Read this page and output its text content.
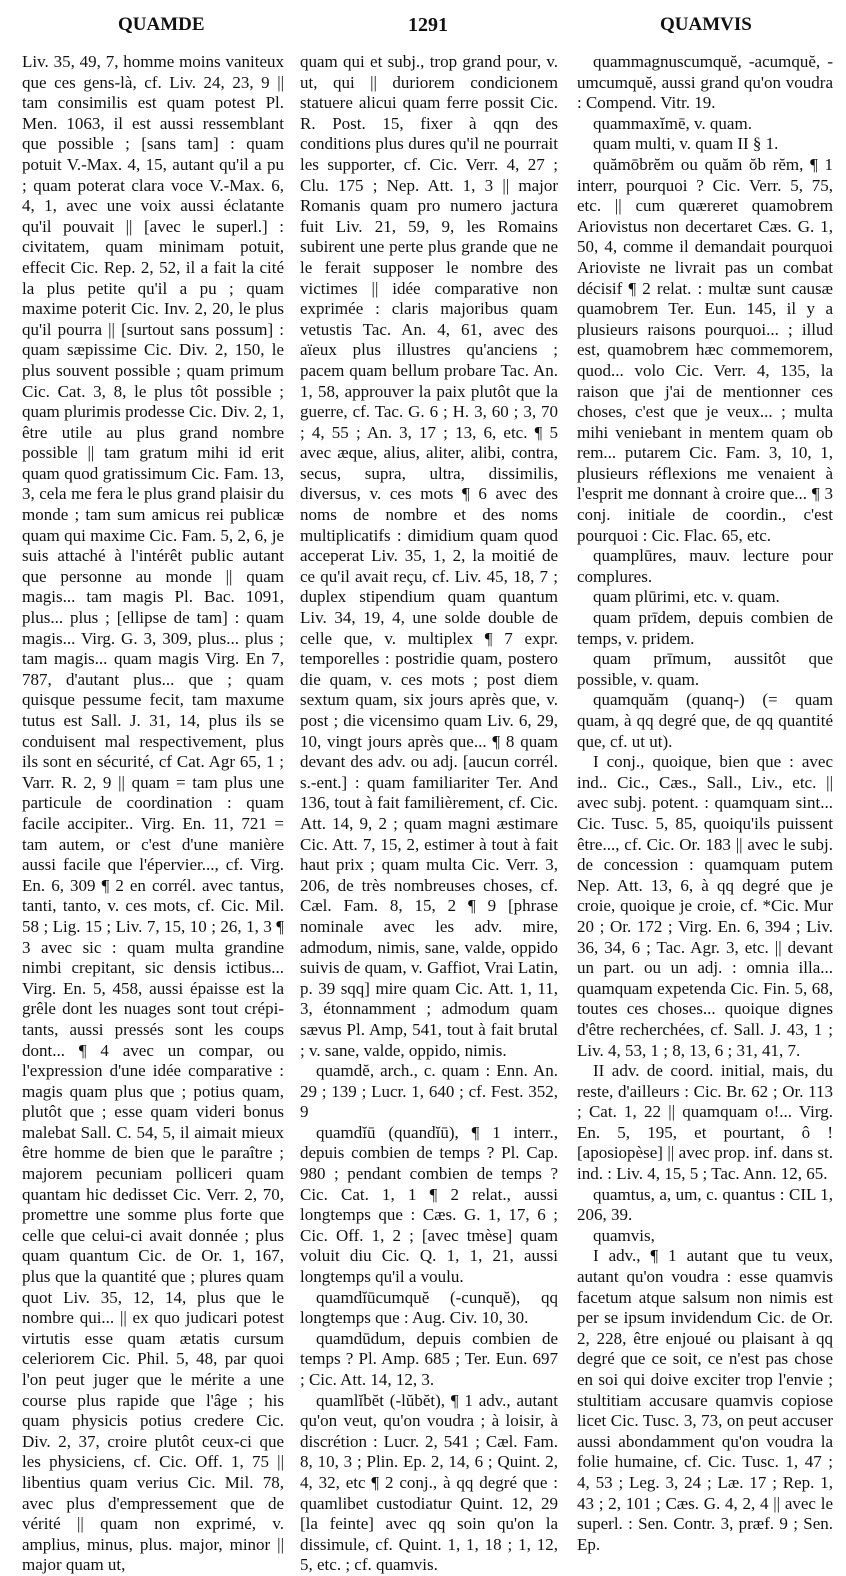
QUAMDE	1291	QUAMVIS

Liv. 35, 49, 7, homme moins vaniteux que ces gens-là, cf. Liv. 24, 23, 9 || tam consimilis est quam potest Pl. Men. 1063, il est aussi ressemblant que possible ; [sans tam] : quam potuit V.-Max. 4, 15, autant qu'il a pu ; quam poterat clara voce V.-Max. 6, 4, 1, avec une voix aussi éclatante qu'il pouvait || [avec le superl.] : civitatem, quam minimam potuit, effecit Cic. Rep. 2, 52, il a fait la cité la plus petite qu'il a pu ; quam maxime poterit Cic. Inv. 2, 20, le plus qu'il pourra || [surtout sans possum] : quam sæpissime Cic. Div. 2, 150, le plus souvent possible ; quam primum Cic. Cat. 3, 8, le plus tôt possible ; quam plurimis prodesse Cic. Div. 2, 1, être utile au plus grand nombre possible || tam gratum mihi id erit quam quod gratissimum Cic. Fam. 13, 3, cela me fera le plus grand plaisir du monde ; tam sum amicus rei publicæ quam qui maxime Cic. Fam. 5, 2, 6, je suis attaché à l'intérêt public autant que personne au monde || quam magis... tam magis Pl. Bac. 1091, plus... plus ; [ellipse de tam] : quam magis... Virg. G. 3, 309, plus... plus ; tam magis... quam magis Virg. En 7, 787, d'autant plus... que ; quam quisque pessume fecit, tam maxume tutus est Sall. J. 31, 14, plus ils se conduisent mal respectivement, plus ils sont en sécurité, cf Cat. Agr 65, 1 ; Varr. R. 2, 9 || quam = tam plus une particule de coordination : quam facile accipiter.. Virg. En. 11, 721 = tam autem, or c'est d'une manière aussi facile que l'épervier..., cf. Virg. En. 6, 309 ¶ 2 en corrél. avec tantus, tanti, tanto, v. ces mots, cf. Cic. Mil. 58 ; Lig. 15 ; Liv. 7, 15, 10 ; 26, 1, 3 ¶ 3 avec sic : quam multa grandine nimbi crepitant, sic densis ictibus... Virg. En. 5, 458, aussi épaisse est la grêle dont les nuages sont tout crépitants, aussi pressés sont les coups dont... ¶ 4 avec un compar, ou l'expression d'une idée comparative : magis quam plus que ; potius quam, plutôt que ; esse quam videri bonus malebat Sall. C. 54, 5, il aimait mieux être homme de bien que le paraître ; majorem pecuniam polliceri quam quantam hic dedisset Cic. Verr. 2, 70, promettre une somme plus forte que celle que celui-ci avait donnée ; plus quam quantum Cic. de Or. 1, 167, plus que la quantité que ; plures quam quot Liv. 35, 12, 14, plus que le nombre qui... || ex quo judicari potest virtutis esse quam ætatis cursum celeriorem Cic. Phil. 5, 48, par quoi l'on peut juger que le mérite a une course plus rapide que l'âge ; his quam physicis potius credere Cic. Div. 2, 37, croire plutôt ceux-ci que les physiciens, cf. Cic. Off. 1, 75 || libentius quam verius Cic. Mil. 78, avec plus d'empressement que de vérité || quam non exprimé, v. amplius, minus, plus. major, minor || major quam ut,

quam qui et subj., trop grand pour, v. ut, qui || duriorem condicionem statuere alicui quam ferre possit Cic. R. Post. 15, fixer à qqn des conditions plus dures qu'il ne pourrait les supporter, cf. Cic. Verr. 4, 27 ; Clu. 175 ; Nep. Att. 1, 3 || major Romanis quam pro numero jactura fuit Liv. 21, 59, 9, les Romains subirent une perte plus grande que ne le ferait supposer le nombre des victimes || idée comparative non exprimée : claris majoribus quam vetustis Tac. An. 4, 61, avec des aïeux plus illustres qu'anciens ; pacem quam bellum probare Tac. An. 1, 58, approuver la paix plutôt que la guerre, cf. Tac. G. 6 ; H. 3, 60 ; 3, 70 ; 4, 55 ; An. 3, 17 ; 13, 6, etc. ¶ 5 avec æque, alius, aliter, alibi, contra, secus, supra, ultra, dissimilis, diversus, v. ces mots ¶ 6 avec des noms de nombre et des noms multiplicatifs : dimidium quam quod acceperat Liv. 35, 1, 2, la moitié de ce qu'il avait reçu, cf. Liv. 45, 18, 7 ; duplex stipendium quam quantum Liv. 34, 19, 4, une solde double de celle que, v. multiplex ¶ 7 expr. temporelles : postridie quam, postero die quam, v. ces mots ; post diem sextum quam, six jours après que, v. post ; die vicensimo quam Liv. 6, 29, 10, vingt jours après que... ¶ 8 quam devant des adv. ou adj. [aucun corrél. s.-ent.] : quam familiariter Ter. And 136, tout à fait familièrement, cf. Cic. Att. 14, 9, 2 ; quam magni æstimare Cic. Att. 7, 15, 2, estimer à tout à fait haut prix ; quam multa Cic. Verr. 3, 206, de très nombreuses choses, cf. Cæl. Fam. 8, 15, 2 ¶ 9 [phrase nominale avec les adv. mire, admodum, nimis, sane, valde, oppido suivis de quam, v. Gaffiot, Vrai Latin, p. 39 sqq] mire quam Cic. Att. 1, 11, 3, étonnamment ; admodum quam sævus Pl. Amp, 541, tout à fait brutal ; v. sane, valde, oppido, nimis.

quamdĕ, arch., c. quam : Enn. An. 29 ; 139 ; Lucr. 1, 640 ; cf. Fest. 352, 9

quamdĭū (quandĭū), ¶ 1 interr., depuis combien de temps ? Pl. Cap. 980 ; pendant combien de temps ? Cic. Cat. 1, 1 ¶ 2 relat., aussi longtemps que : Cæs. G. 1, 17, 6 ; Cic. Off. 1, 2 ; [avec tmèse] quam voluit diu Cic. Q. 1, 1, 21, aussi longtemps qu'il a voulu.

quamdĭūcumquĕ (-cunquĕ), qq longtemps que : Aug. Civ. 10, 30.

quamdūdum, depuis combien de temps ? Pl. Amp. 685 ; Ter. Eun. 697 ; Cic. Att. 14, 12, 3.

quamlĭbĕt (-lŭbĕt), ¶ 1 adv., autant qu'on veut, qu'on voudra ; à loisir, à discrétion : Lucr. 2, 541 ; Cæl. Fam. 8, 10, 3 ; Plin. Ep. 2, 14, 6 ; Quint. 2, 4, 32, etc ¶ 2 conj., à qq degré que : quamlibet custodiatur Quint. 12, 29 [la feinte] avec qq soin qu'on la dissimule, cf. Quint. 1, 1, 18 ; 1, 12, 5, etc. ; cf. quamvis.

quammagnuscumquĕ, -acumquĕ, -umcumquĕ, aussi grand qu'on voudra : Compend. Vitr. 19.

quammaxĭmē, v. quam.

quam multi, v. quam II § 1.

quămōbrĕm ou quăm ŏb rĕm, ¶ 1 interr, pourquoi ? Cic. Verr. 5, 75, etc. || cum quæreret quamobrem Ariovistus non decertaret Cæs. G. 1, 50, 4, comme il demandait pourquoi Arioviste ne livrait pas un combat décisif ¶ 2 relat. : multæ sunt causæ quamobrem Ter. Eun. 145, il y a plusieurs raisons pourquoi... ; illud est, quamobrem hæc commemorem, quod... volo Cic. Verr. 4, 135, la raison que j'ai de mentionner ces choses, c'est que je veux... ; multa mihi veniebant in mentem quam ob rem... putarem Cic. Fam. 3, 10, 1, plusieurs réflexions me venaient à l'esprit me donnant à croire que... ¶ 3 conj. initiale de coordin., c'est pourquoi : Cic. Flac. 65, etc.

quamplūres, mauv. lecture pour complures.

quam plūrimi, etc. v. quam.

quam prīdem, depuis combien de temps, v. pridem.

quam prīmum, aussitôt que possible, v. quam.

quamquăm (quanq-) (= quam quam, à qq degré que, de qq quantité que, cf. ut ut).

I conj., quoique, bien que : avec ind.. Cic., Cæs., Sall., Liv., etc. || avec subj. potent. : quamquam sint... Cic. Tusc. 5, 85, quoiqu'ils puissent être..., cf. Cic. Or. 183 || avec le subj. de concession : quamquam putem Nep. Att. 13, 6, à qq degré que je croie, quoique je croie, cf. *Cic. Mur 20 ; Or. 172 ; Virg. En. 6, 394 ; Liv. 36, 34, 6 ; Tac. Agr. 3, etc. || devant un part. ou un adj. : omnia illa... quamquam expetenda Cic. Fin. 5, 68, toutes ces choses... quoique dignes d'être recherchées, cf. Sall. J. 43, 1 ; Liv. 4, 53, 1 ; 8, 13, 6 ; 31, 41, 7.

II adv. de coord. initial, mais, du reste, d'ailleurs : Cic. Br. 62 ; Or. 113 ; Cat. 1, 22 || quamquam o!... Virg. En. 5, 195, et pourtant, ô ! [aposiopèse] || avec prop. inf. dans st. ind. : Liv. 4, 15, 5 ; Tac. Ann. 12, 65.

quamtus, a, um, c. quantus : CIL 1, 206, 39.

quamvis,

I adv., ¶ 1 autant que tu veux, autant qu'on voudra : esse quamvis facetum atque salsum non nimis est per se ipsum invidendum Cic. de Or. 2, 228, être enjoué ou plaisant à qq degré que ce soit, ce n'est pas chose en soi qui doive exciter trop l'envie ; stultitiam accusare quamvis copiose licet Cic. Tusc. 3, 73, on peut accuser aussi abondamment qu'on voudra la folie humaine, cf. Cic. Tusc. 1, 47 ; 4, 53 ; Leg. 3, 24 ; Læ. 17 ; Rep. 1, 43 ; 2, 101 ; Cæs. G. 4, 2, 4 || avec le superl. : Sen. Contr. 3, præf. 9 ; Sen. Ep.
